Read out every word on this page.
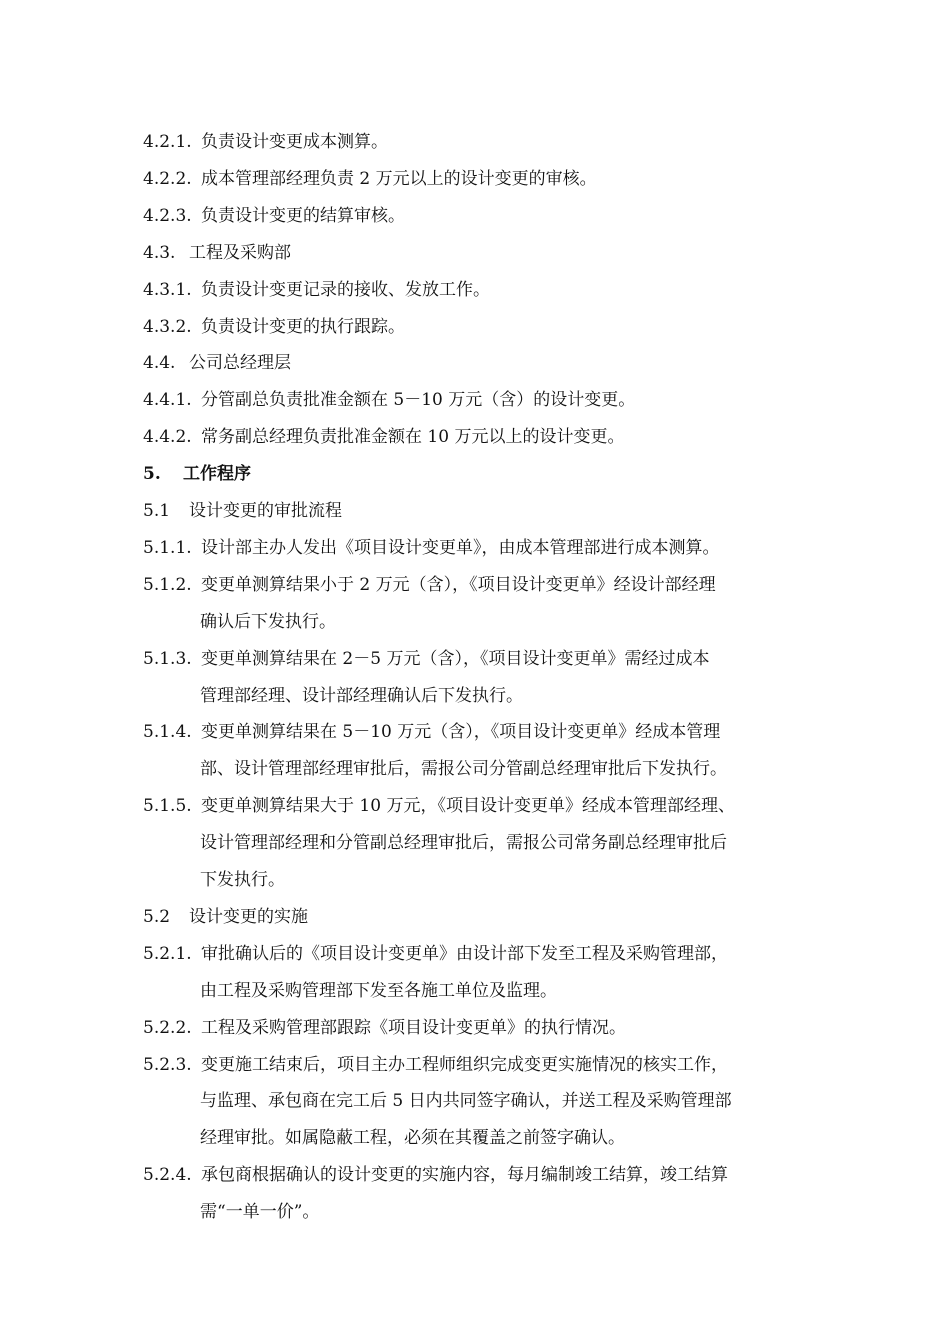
4.2.1. 负责设计变更成本测算。
4.2.2. 成本管理部经理负责 2 万元以上的设计变更的审核。
4.2.3. 负责设计变更的结算审核。
4.3. 工程及采购部
4.3.1. 负责设计变更记录的接收、发放工作。
4.3.2. 负责设计变更的执行跟踪。
4.4. 公司总经理层
4.4.1. 分管副总负责批准金额在 5－10 万元（含）的设计变更。
4.4.2. 常务副总经理负责批准金额在 10 万元以上的设计变更。
5. 工作程序
5.1 设计变更的审批流程
5.1.1. 设计部主办人发出《项目设计变更单》，由成本管理部进行成本测算。
5.1.2. 变更单测算结果小于 2 万元（含），《项目设计变更单》经设计部经理
确认后下发执行。
5.1.3. 变更单测算结果在 2－5 万元（含），《项目设计变更单》需经过成本
管理部经理、设计部经理确认后下发执行。
5.1.4. 变更单测算结果在 5－10 万元（含），《项目设计变更单》经成本管理
部、设计管理部经理审批后，需报公司分管副总经理审批后下发执行。
5.1.5. 变更单测算结果大于 10 万元，《项目设计变更单》经成本管理部经理、
设计管理部经理和分管副总经理审批后，需报公司常务副总经理审批后
下发执行。
5.2 设计变更的实施
5.2.1. 审批确认后的《项目设计变更单》由设计部下发至工程及采购管理部，
由工程及采购管理部下发至各施工单位及监理。
5.2.2. 工程及采购管理部跟踪《项目设计变更单》的执行情况。
5.2.3. 变更施工结束后，项目主办工程师组织完成变更实施情况的核实工作，
与监理、承包商在完工后 5 日内共同签字确认，并送工程及采购管理部
经理审批。如属隐蔽工程，必须在其覆盖之前签字确认。
5.2.4. 承包商根据确认的设计变更的实施内容，每月编制竣工结算，竣工结算
需“一单一价”。
